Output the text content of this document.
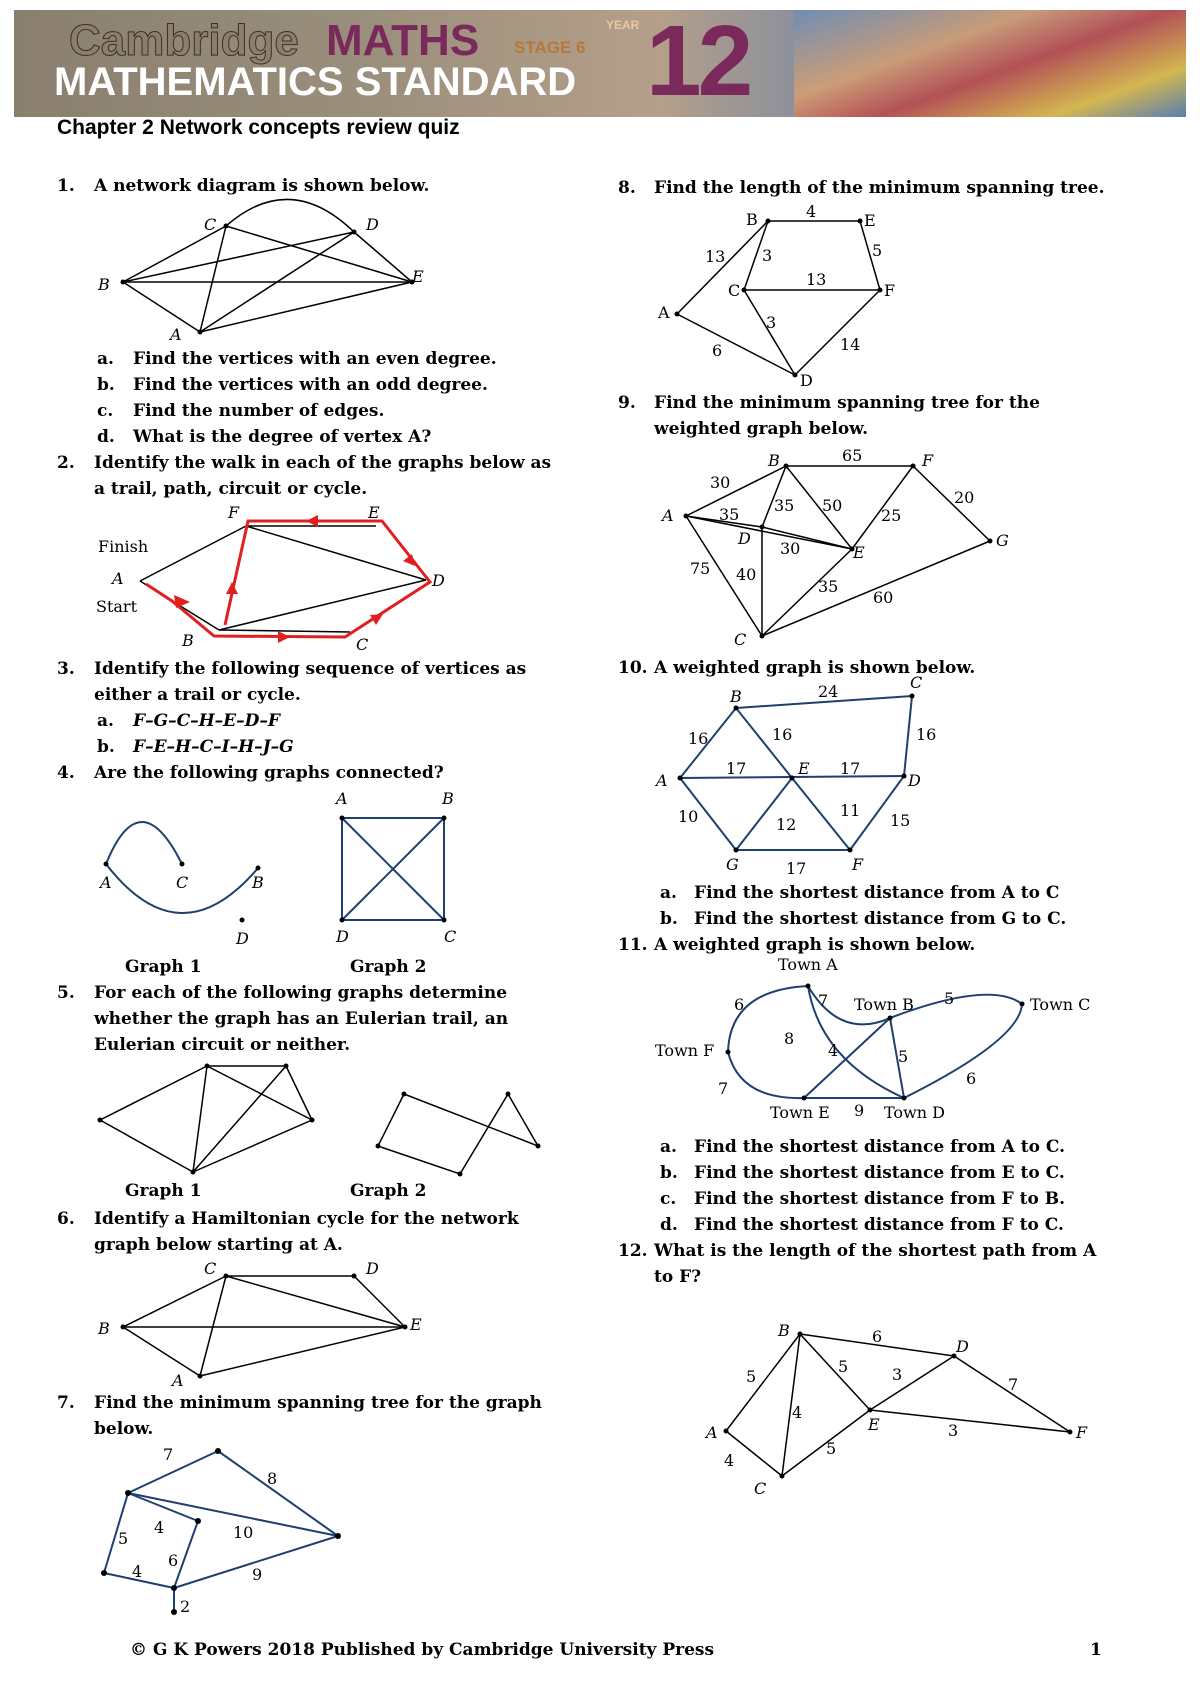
Cambridge MATHS STAGE 6
YEAR 12
MATHEMATICS STANDARD
Chapter 2 Network concepts review quiz
1. A network diagram is shown below.
C	D
B	E
A
a. Find the vertices with an even degree.
b. Find the vertices with an odd degree.
c. Find the number of edges.
d. What is the degree of vertex A?
2. Identify the walk in each of the graphs below as
a trail, path, circuit or cycle.
Finish
Start
F	E
A	D
B	C
3. Identify the following sequence of vertices as
either a trail or cycle.
a. F–G–C–H–E–D–F
b. F–E–H–C–I–H–J–G
4. Are the following graphs connected?
A	C	B
D
A	B
D	C
Graph 1	Graph 2
5. For each of the following graphs determine
whether the graph has an Eulerian trail, an
Eulerian circuit or neither.
Graph 1	Graph 2
6. Identify a Hamiltonian cycle for the network
graph below starting at A.
C	D
B	E
A
7. Find the minimum spanning tree for the graph
below.
7
8
4	10
5
6
4	9
2
8. Find the length of the minimum spanning tree.
B	E
A
C	F
D
4
13 3	5
13
3
6	14
9. Find the minimum spanning tree for the
weighted graph below.
B	F
A
D
E
G
C
65
30
35 35 50
25
20
30
75 40
35
60
10. A weighted graph is shown below.
B
C
A
E
D
G	F
24
16	16	16
17	17
10	12
11
15
17
a. Find the shortest distance from A to C
b. Find the shortest distance from G to C.
11. A weighted graph is shown below.
Town A
Town B	Town C
Town F
Town E	Town D
6	7	5
8
4	5
6
7
9
a. Find the shortest distance from A to C.
b. Find the shortest distance from E to C.
c. Find the shortest distance from F to B.
d. Find the shortest distance from F to C.
12. What is the length of the shortest path from A
to F?
B
D
A	E	F
C
6
5
5	3
7
4
3
4
5
© G K Powers 2018 Published by Cambridge University Press	1
